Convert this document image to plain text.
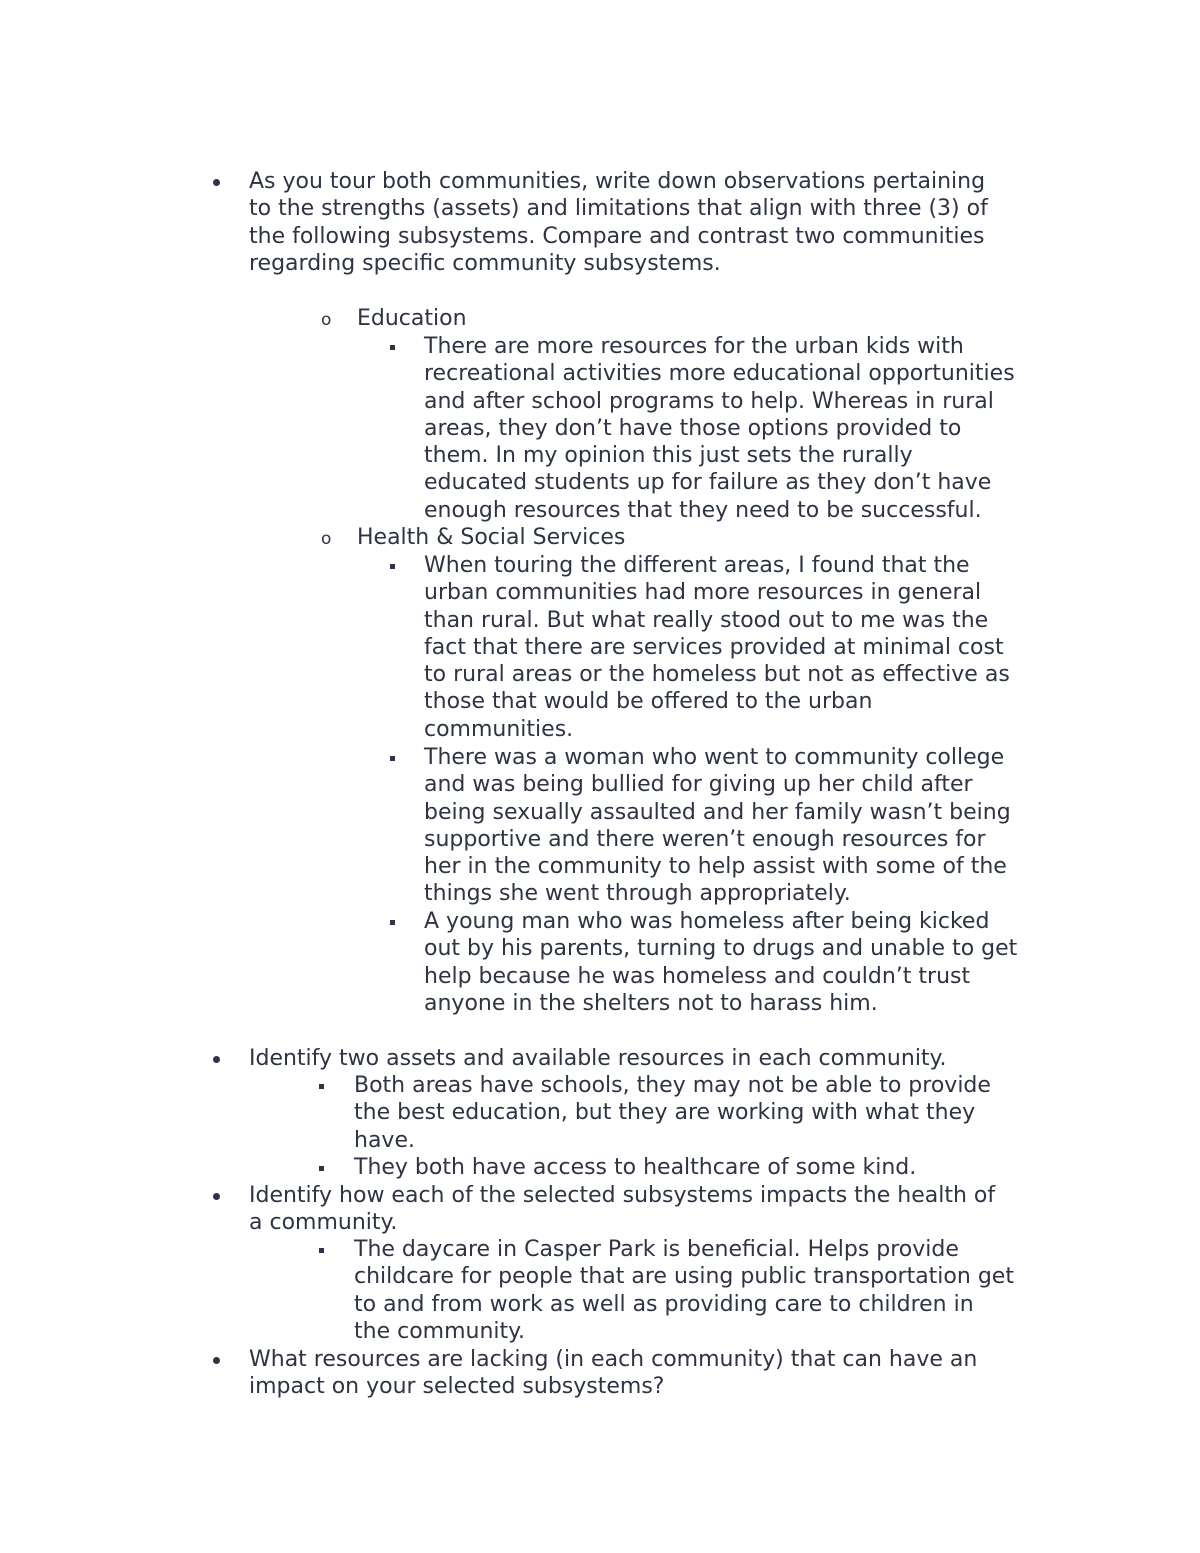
As you tour both communities, write down observations pertaining
to the strengths (assets) and limitations that align with three (3) of
the following subsystems. Compare and contrast two communities
regarding specific community subsystems.
o Education
There are more resources for the urban kids with
recreational activities more educational opportunities
and after school programs to help. Whereas in rural
areas, they don’t have those options provided to
them. In my opinion this just sets the rurally
educated students up for failure as they don’t have
enough resources that they need to be successful.
o Health & Social Services
When touring the different areas, I found that the
urban communities had more resources in general
than rural. But what really stood out to me was the
fact that there are services provided at minimal cost
to rural areas or the homeless but not as effective as
those that would be offered to the urban
communities.
There was a woman who went to community college
and was being bullied for giving up her child after
being sexually assaulted and her family wasn’t being
supportive and there weren’t enough resources for
her in the community to help assist with some of the
things she went through appropriately.
A young man who was homeless after being kicked
out by his parents, turning to drugs and unable to get
help because he was homeless and couldn’t trust
anyone in the shelters not to harass him.
Identify two assets and available resources in each community.
Both areas have schools, they may not be able to provide
the best education, but they are working with what they
have.
They both have access to healthcare of some kind.
Identify how each of the selected subsystems impacts the health of
a community.
The daycare in Casper Park is beneficial. Helps provide
childcare for people that are using public transportation get
to and from work as well as providing care to children in
the community.
What resources are lacking (in each community) that can have an
impact on your selected subsystems?
